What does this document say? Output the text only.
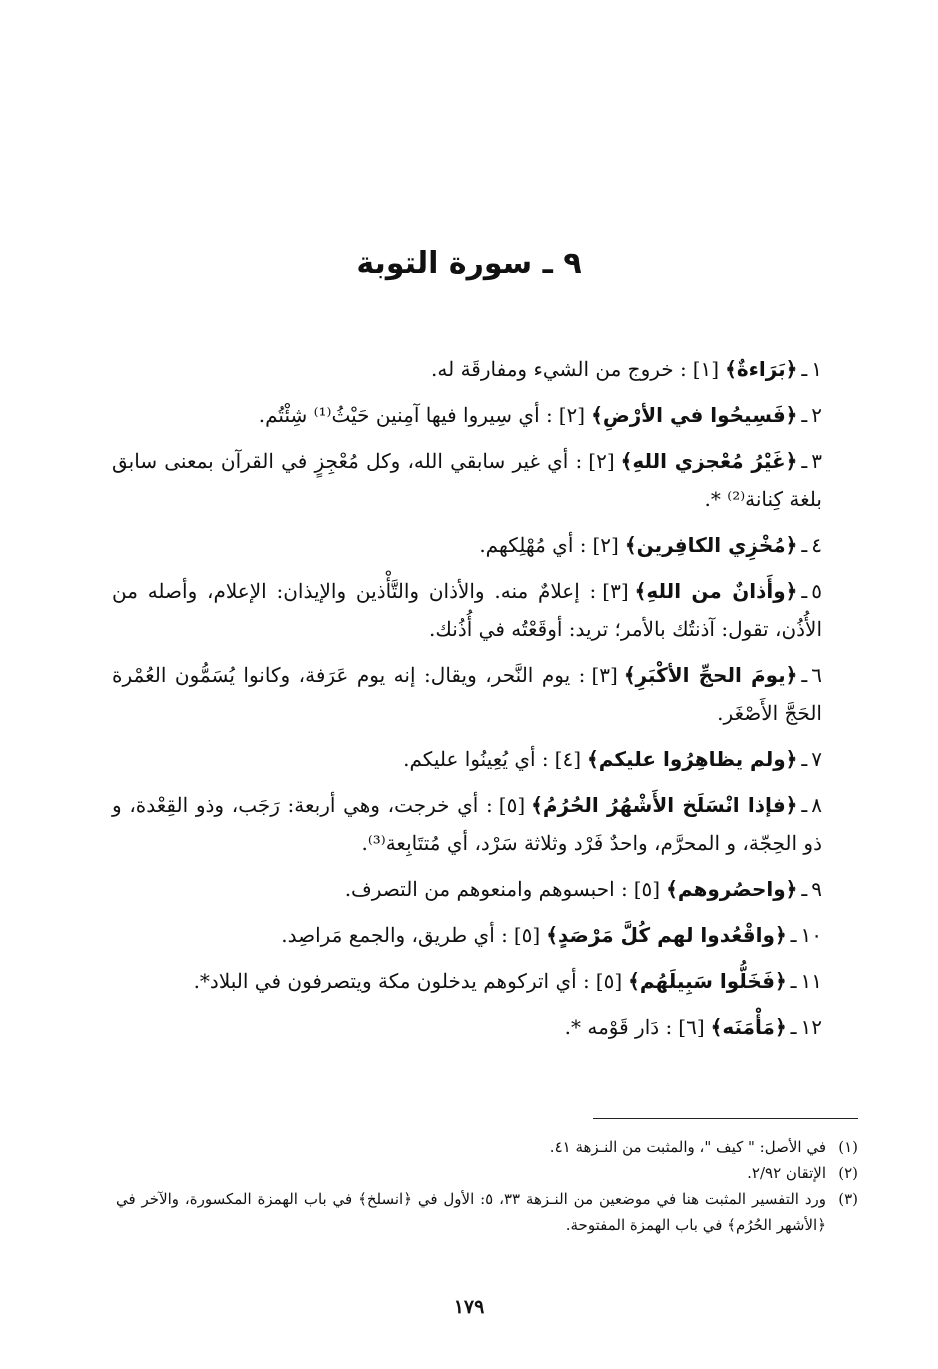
٩ ـ سورة التوبة
١ـ﴿بَرَاءةٌ﴾[١]: خروج من الشيء ومفارقَة له.
٢ـ﴿فَسِيحُوا في الأرْضِ﴾[٢]: أي سِيروا فيها آمِنين حَيْثُ⁽¹⁾ شِئْتُم.
٣ـ﴿غَيْرُ مُعْجزي اللهِ﴾[٢]: أي غير سابقي الله، وكل مُعْجِزٍ في القرآن بمعنى سابق بلغة كِنانة⁽²⁾ *.
٤ـ﴿مُخْزِي الكافِرين﴾[٢]: أي مُهْلِكهم.
٥ـ﴿وأَذانٌ من اللهِ﴾[٣]: إعلامٌ منه. والأذان والتَّأْذين والإيذان: الإعلام، وأصله من الأُذُن، تقول: آذنتُك بالأمر؛ تريد: أوقَعْتُه في أُذُنك.
٦ـ﴿يومَ الحجِّ الأكْبَرِ﴾[٣]: يوم النَّحر، ويقال: إنه يوم عَرَفة، وكانوا يُسَمُّون العُمْرة الحَجَّ الأَصْغَر.
٧ـ﴿ولم يظاهِرُوا عليكم﴾[٤]: أي يُعِينُوا عليكم.
٨ـ﴿فإذا انْسَلَخ الأَشْهُرُ الحُرُمُ﴾[٥]: أي خرجت، وهي أربعة: رَجَب، وذو القِعْدة، و ذو الحِجّة، و المحرَّم، واحدٌ فَرْد وثلاثة سَرْد، أي مُتتَابِعة⁽³⁾.
٩ـ﴿واحصُروهم﴾[٥]: احبسوهم وامنعوهم من التصرف.
١٠ـ﴿واقْعُدوا لهم كُلَّ مَرْصَدٍ﴾[٥]: أي طريق، والجمع مَراصِد.
١١ـ﴿فَخَلُّوا سَبِيلَهُم﴾[٥]: أي اتركوهم يدخلون مكة ويتصرفون في البلاد*.
١٢ـ﴿مَأْمَنَه﴾[٦]: دَار قَوْمه *.
(١)
في الأصل: " كيف "، والمثبت من النـزهة ٤١.
(٢)
الإتقان ٢/٩٢.
(٣)
ورد التفسير المثبت هنا في موضعين من النـزهة ٣٣، ٥: الأول في ﴿انسلخ﴾ في باب الهمزة المكسورة، والآخر في ﴿الأشهر الحُرُم﴾ في باب الهمزة المفتوحة.
١٧٩
